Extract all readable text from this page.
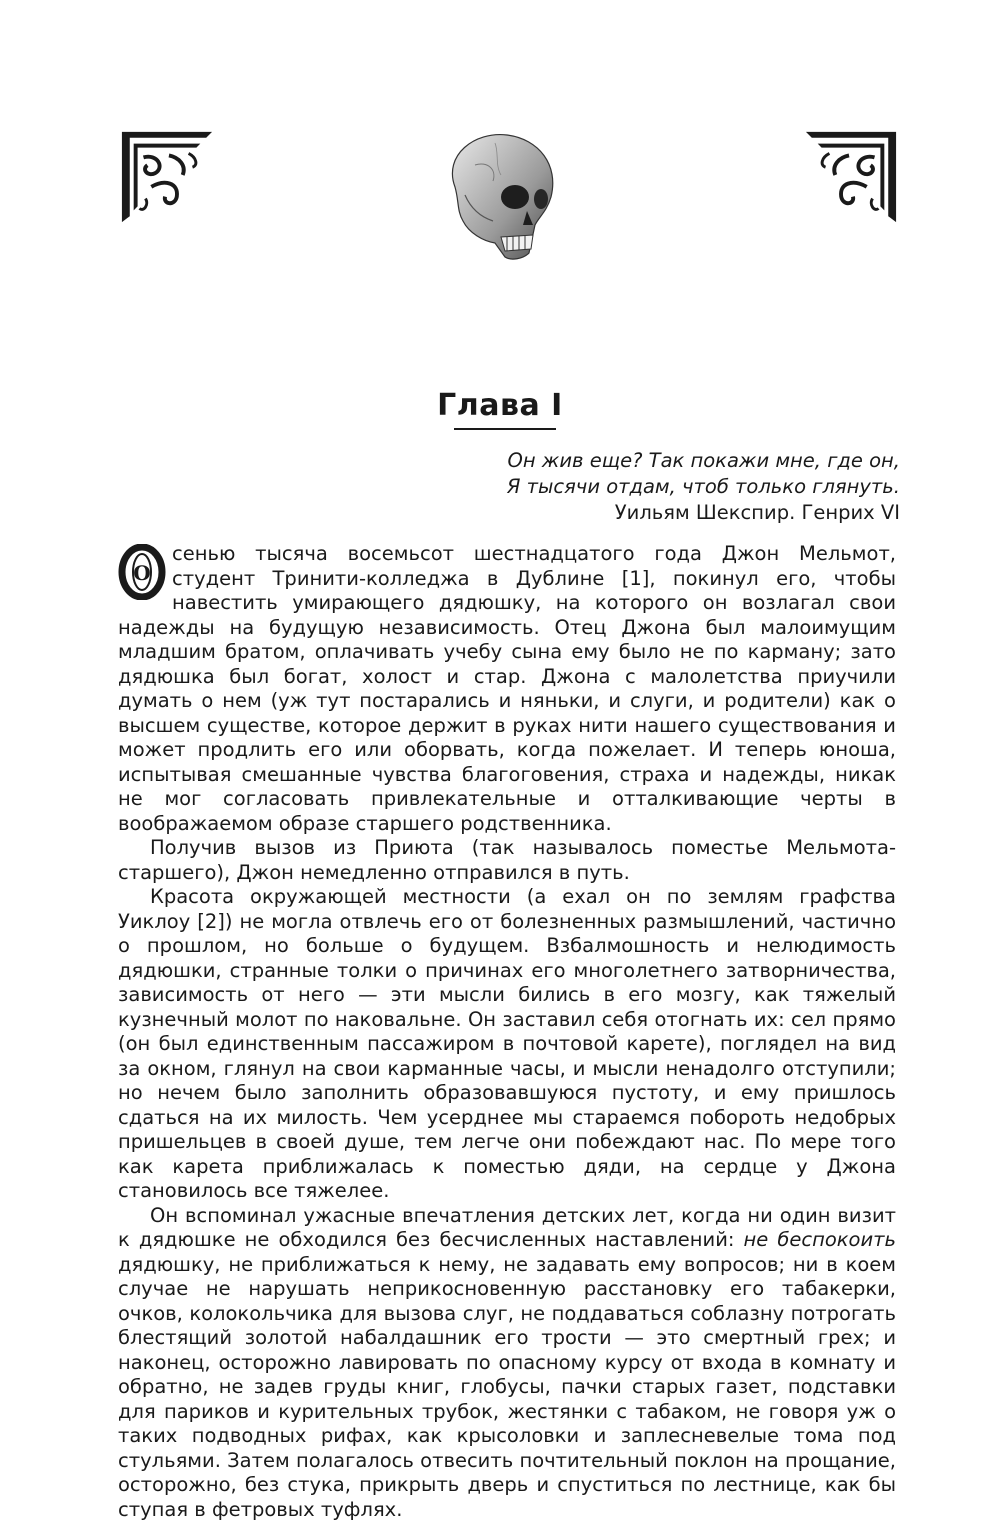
Глава I
Он жив еще? Так покажи мне, где он,
Я тысячи отдам, чтоб только глянуть.
Уильям Шекспир. Генрих VI

О
сенью тысяча восемьсот шестнадцатого года Джон Мельмот, студент Тринити-колледжа в Дублине [1], покинул его, чтобы навестить умирающего дядюшку, на которого он возлагал свои надежды на будущую независимость. Отец Джона был малоимущим младшим братом, оплачивать учебу сына ему было не по карману; зато дядюшка был богат, холост и стар. Джона с малолетства приучили думать о нем (уж тут постарались и няньки, и слуги, и родители) как о высшем существе, которое держит в руках нити нашего существования и может продлить его или оборвать, когда пожелает. И теперь юноша, испытывая смешанные чувства благоговения, страха и надежды, никак не мог согласовать привлекательные и отталкивающие черты в воображаемом образе старшего родственника.

Получив вызов из Приюта (так называлось поместье Мельмота-старшего), Джон немедленно отправился в путь.

Красота окружающей местности (а ехал он по землям графства Уиклоу [2]) не могла отвлечь его от болезненных размышлений, частично о прошлом, но больше о будущем. Взбалмошность и нелюдимость дядюшки, странные толки о причинах его многолетнего затворничества, зависимость от него — эти мысли бились в его мозгу, как тяжелый кузнечный молот по наковальне. Он заставил себя отогнать их: сел прямо (он был единственным пассажиром в почтовой карете), поглядел на вид за окном, глянул на свои карманные часы, и мысли ненадолго отступили; но нечем было заполнить образовавшуюся пустоту, и ему пришлось сдаться на их милость. Чем усерднее мы стараемся побороть недобрых пришельцев в своей душе, тем легче они побеждают нас. По мере того как карета приближалась к поместью дяди, на сердце у Джона становилось все тяжелее.

Он вспоминал ужасные впечатления детских лет, когда ни один визит к дядюшке не обходился без бесчисленных наставлений: не беспокоить дядюшку, не приближаться к нему, не задавать ему вопросов; ни в коем случае не нарушать неприкосновенную расстановку его табакерки, очков, колокольчика для вызова слуг, не поддаваться соблазну потрогать блестящий золотой набалдашник его трости — это смертный грех; и наконец, осторожно лавировать по опасному курсу от входа в комнату и обратно, не задев груды книг, глобусы, пачки старых газет, подставки для париков и курительных трубок, жестянки с табаком, не говоря уж о таких подводных рифах, как крысоловки и заплесневелые тома под стульями. Затем полагалось отвесить почтительный поклон на прощание, осторожно, без стука, прикрыть дверь и спуститься по лестнице, как бы ступая в фетровых туфлях.
